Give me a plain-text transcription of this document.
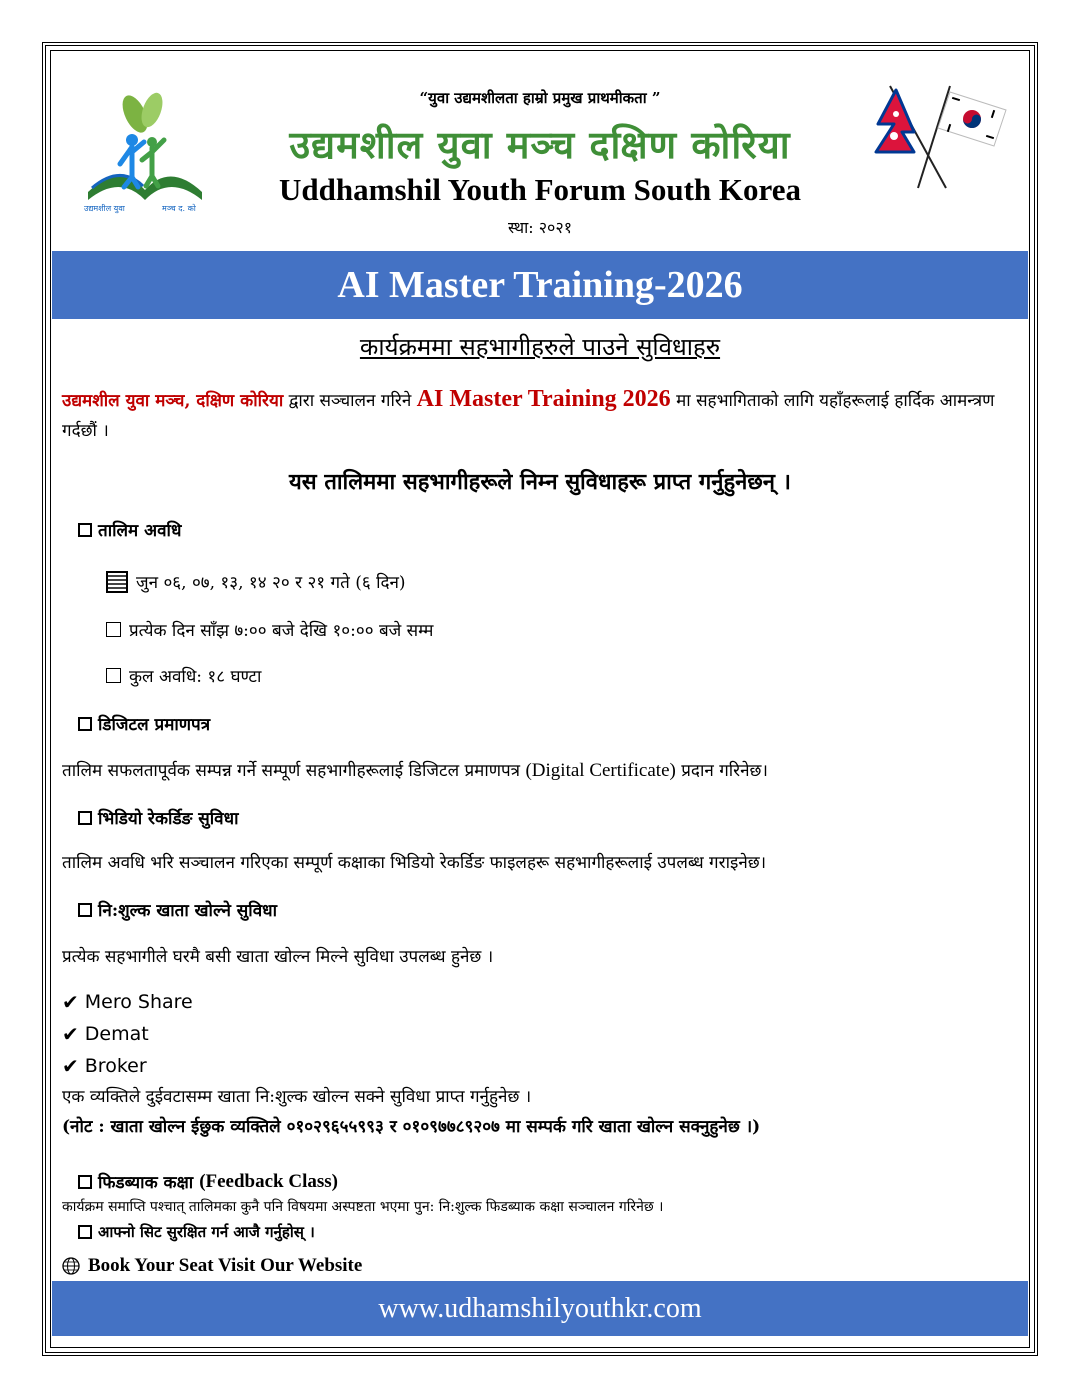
उद्यमशील युवा	मञ्च द. को
“युवा उद्यमशीलता हाम्रो प्रमुख प्राथमीकता ”
उद्यमशील युवा मञ्च दक्षिण कोरिया
Uddhamshil Youth Forum South Korea
स्था: २०२१
AI Master Training-2026
कार्यक्रममा सहभागीहरुले पाउने सुविधाहरु
उद्यमशील युवा मञ्च, दक्षिण कोरिया द्वारा सञ्चालन गरिने AI Master Training 2026 मा सहभागिताको लागि यहाँहरूलाई हार्दिक आमन्त्रण गर्दछौं ।
यस तालिममा सहभागीहरूले निम्न सुविधाहरू प्राप्त गर्नुहुनेछन् ।
तालिम अवधि
जुन ०६, ०७, १३, १४ २० र २१ गते (६ दिन)
प्रत्येक दिन साँझ ७:०० बजे देखि १०:०० बजे सम्म
कुल अवधि: १८ घण्टा
डिजिटल प्रमाणपत्र
तालिम सफलतापूर्वक सम्पन्न गर्ने सम्पूर्ण सहभागीहरूलाई डिजिटल प्रमाणपत्र (Digital Certificate) प्रदान गरिनेछ।
भिडियो रेकर्डिङ सुविधा
तालिम अवधि भरि सञ्चालन गरिएका सम्पूर्ण कक्षाका भिडियो रेकर्डिङ फाइलहरू सहभागीहरूलाई उपलब्ध गराइनेछ।
नि:शुल्क खाता खोल्ने सुविधा
प्रत्येक सहभागीले घरमै बसी खाता खोल्न मिल्ने सुविधा उपलब्ध हुनेछ ।
✔ Mero Share
✔ Demat
✔ Broker
एक व्यक्तिले दुईवटासम्म खाता नि:शुल्क खोल्न सक्ने सुविधा प्राप्त गर्नुहुनेछ ।
(नोट : खाता खोल्न ईछुक व्यक्तिले ०१०२९६५५९९३ र ०१०९७७८९२०७ मा सम्पर्क गरि खाता खोल्न सक्नुहुनेछ ।)
फिडब्याक कक्षा (Feedback Class)
कार्यक्रम समाप्ति पश्चात् तालिमका कुनै पनि विषयमा अस्पष्टता भएमा पुन: नि:शुल्क फिडब्याक कक्षा सञ्चालन गरिनेछ ।
आफ्नो सिट सुरक्षित गर्न आजै गर्नुहोस् ।
Book Your Seat Visit Our Website
www.udhamshilyouthkr.com
